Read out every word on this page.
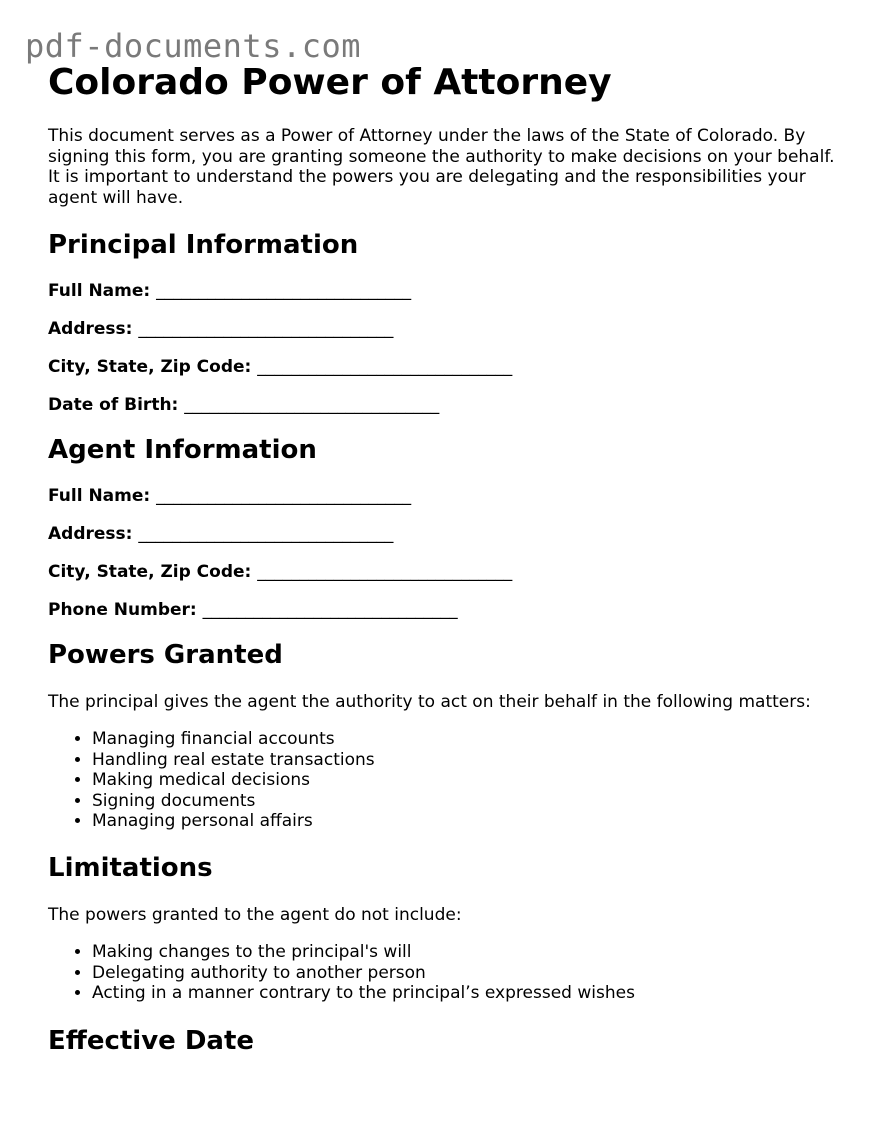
pdf-documents.com
Colorado Power of Attorney

This document serves as a Power of Attorney under the laws of the State of Colorado. By signing this form, you are granting someone the authority to make decisions on your behalf. It is important to understand the powers you are delegating and the responsibilities your agent will have.

Principal Information

Full Name: ______________________________

Address: ______________________________

City, State, Zip Code: ______________________________

Date of Birth: ______________________________

Agent Information

Full Name: ______________________________

Address: ______________________________

City, State, Zip Code: ______________________________

Phone Number: ______________________________

Powers Granted

The principal gives the agent the authority to act on their behalf in the following matters:

• Managing financial accounts
• Handling real estate transactions
• Making medical decisions
• Signing documents
• Managing personal affairs
Limitations

The powers granted to the agent do not include:

• Making changes to the principal's will
• Delegating authority to another person
• Acting in a manner contrary to the principal’s expressed wishes
Effective Date
